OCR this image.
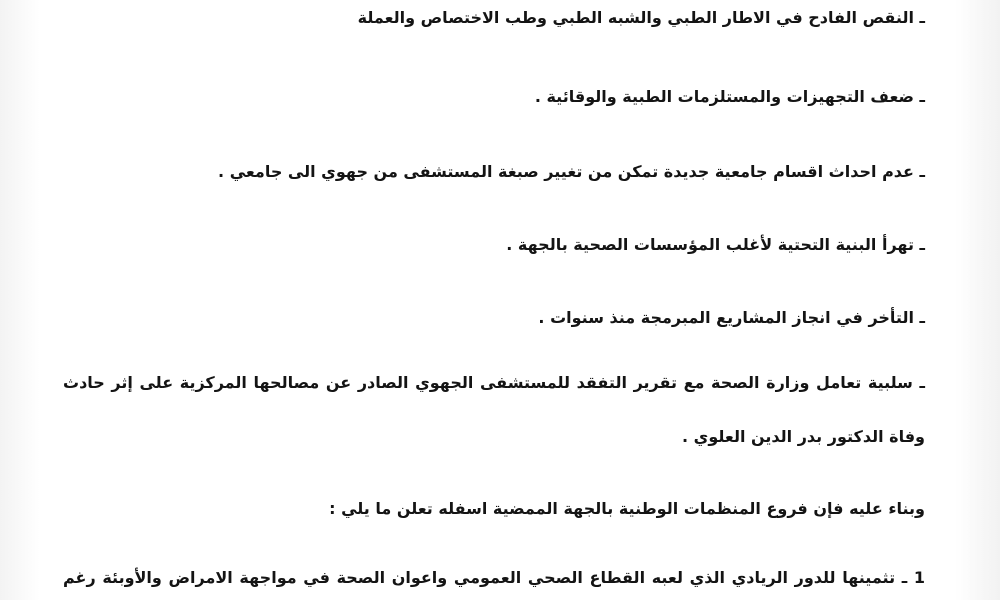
ـ النقص الفادح في الاطار الطبي والشبه الطبي وطب الاختصاص والعملة
ـ ضعف التجهيزات والمستلزمات الطبية والوقائية .
ـ عدم احداث اقسام جامعية جديدة تمكن من تغيير صبغة المستشفى من جهوي الى جامعي .
ـ تهرأ البنية التحتية لأغلب المؤسسات الصحية بالجهة .
ـ التأخر في انجاز المشاريع المبرمجة منذ سنوات .
ـ سلبية تعامل وزارة الصحة مع تقرير التفقد للمستشفى الجهوي الصادر عن مصالحها المركزية على إثر حادث
وفاة الدكتور بدر الدين العلوي .
وبناء عليه فإن فروع المنظمات الوطنية بالجهة الممضية اسفله تعلن ما يلي :
1 ـ تثمينها للدور الريادي الذي لعبه القطاع الصحي العمومي واعوان الصحة في مواجهة الامراض والأوبئة رغم
